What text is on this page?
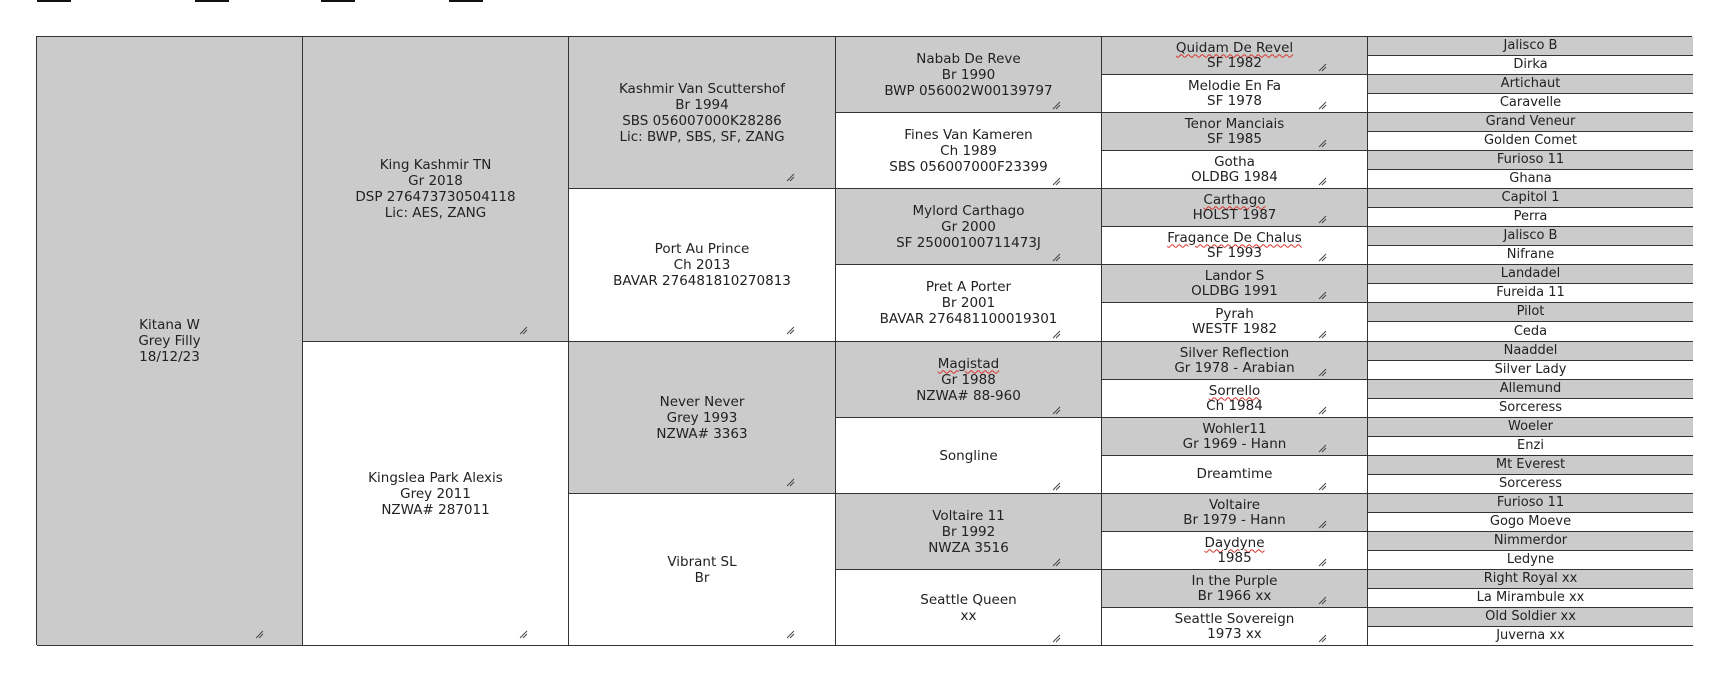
Kitana W
Grey Filly
18/12/23
King Kashmir TN
Gr 2018
DSP 276473730504118
Lic: AES, ZANG
Kingslea Park Alexis
Grey 2011
NZWA# 287011
Kashmir Van Scuttershof
Br 1994
SBS 056007000K28286
Lic: BWP, SBS, SF, ZANG
Port Au Prince
Ch 2013
BAVAR 276481810270813
Never Never
Grey 1993
NZWA# 3363
Vibrant SL
Br
Nabab De Reve
Br 1990
BWP 056002W00139797
Fines Van Kameren
Ch 1989
SBS 056007000F23399
Mylord Carthago
Gr 2000
SF 25000100711473J
Pret A Porter
Br 2001
BAVAR 276481100019301
Magistad
Gr 1988
NZWA# 88-960
Songline
Voltaire 11
Br 1992
NWZA 3516
Seattle Queen
xx
Quidam De Revel
SF 1982
Melodie En Fa
SF 1978
Tenor Manciais
SF 1985
Gotha
OLDBG 1984
Carthago
HOLST 1987
Fragance De Chalus
SF 1993
Landor S
OLDBG 1991
Pyrah
WESTF 1982
Silver Reflection
Gr 1978 - Arabian
Sorrello
Ch 1984
Wohler11
Gr 1969 - Hann
Dreamtime
Voltaire
Br 1979 - Hann
Daydyne
1985
In the Purple
Br 1966 xx
Seattle Sovereign
1973 xx
Jalisco B
Dirka
Artichaut
Caravelle
Grand Veneur
Golden Comet
Furioso 11
Ghana
Capitol 1
Perra
Jalisco B
Nifrane
Landadel
Fureida 11
Pilot
Ceda
Naaddel
Silver Lady
Allemund
Sorceress
Woeler
Enzi
Mt Everest
Sorceress
Furioso 11
Gogo Moeve
Nimmerdor
Ledyne
Right Royal xx
La Mirambule xx
Old Soldier xx
Juverna xx
